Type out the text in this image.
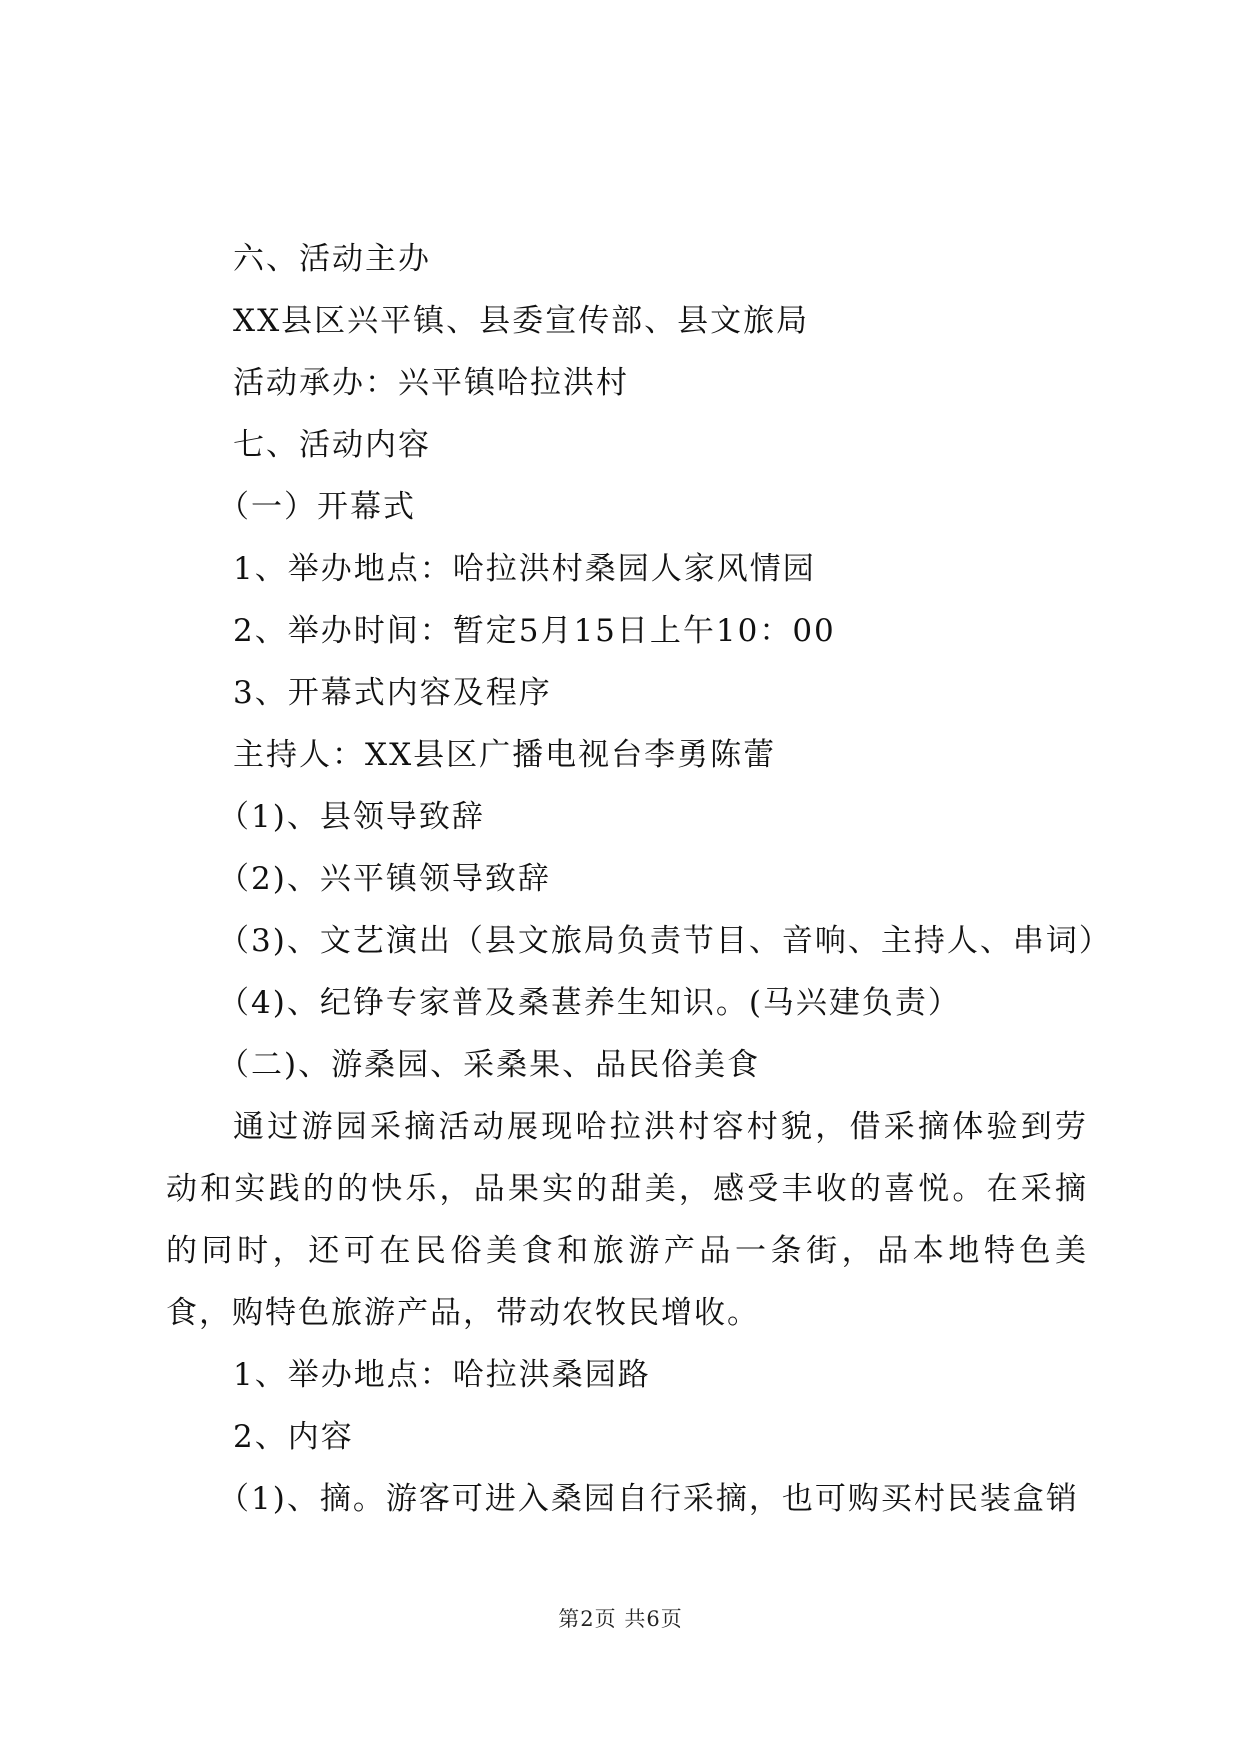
六、活动主办
XX县区兴平镇、县委宣传部、县文旅局
活动承办：兴平镇哈拉洪村
七、活动内容
（一）开幕式
1、举办地点：哈拉洪村桑园人家风情园
2、举办时间：暂定5月15日上午10：00
3、开幕式内容及程序
主持人：XX县区广播电视台李勇陈蕾
（1)、县领导致辞
（2)、兴平镇领导致辞
（3)、文艺演出（县文旅局负责节目、音响、主持人、串词）
（4)、纪铮专家普及桑葚养生知识。(马兴建负责）
（二)、游桑园、采桑果、品民俗美食

通过游园采摘活动展现哈拉洪村容村貌，借采摘体验到劳动和实践的的快乐，品果实的甜美，感受丰收的喜悦。在采摘的同时，还可在民俗美食和旅游产品一条街，品本地特色美食，购特色旅游产品，带动农牧民增收。

1、举办地点：哈拉洪桑园路
2、内容
（1)、摘。游客可进入桑园自行采摘，也可购买村民装盒销
第2页 共6页
